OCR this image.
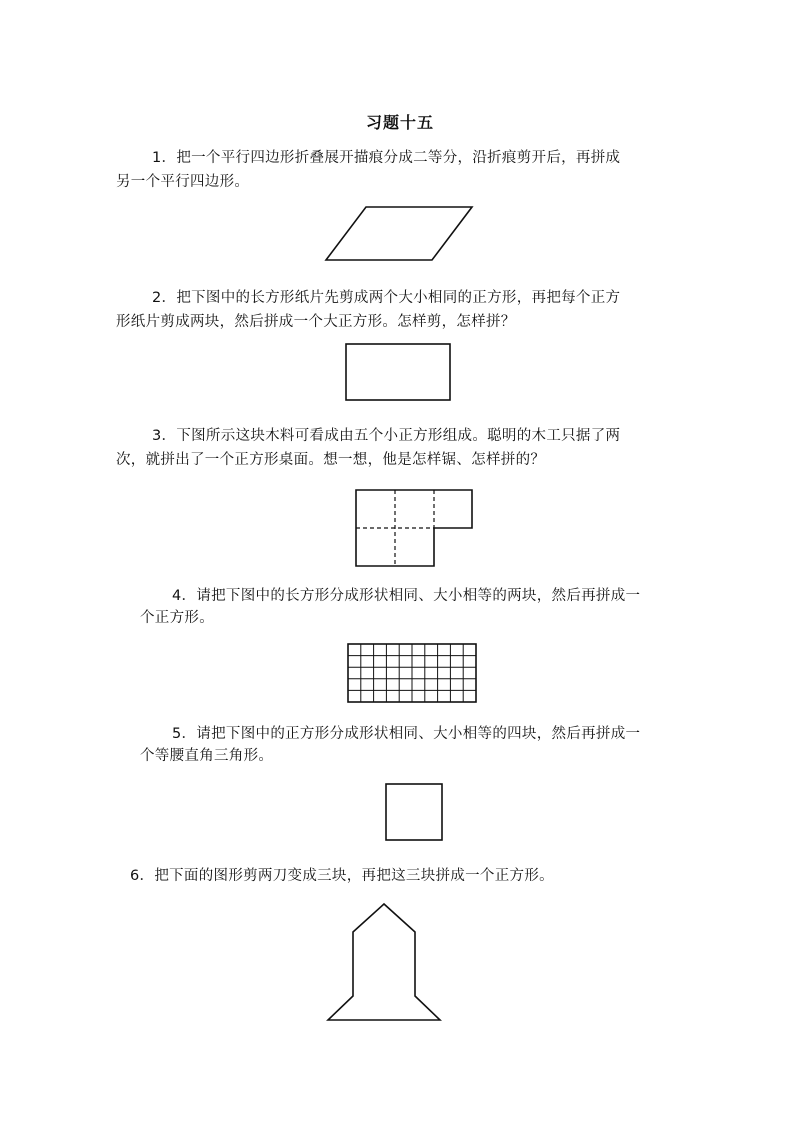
习题十五
1．把一个平行四边形折叠展开描痕分成二等分，沿折痕剪开后，再拼成
另一个平行四边形。
2．把下图中的长方形纸片先剪成两个大小相同的正方形，再把每个正方
形纸片剪成两块，然后拼成一个大正方形。怎样剪，怎样拼？
3．下图所示这块木料可看成由五个小正方形组成。聪明的木工只据了两
次，就拼出了一个正方形桌面。想一想，他是怎样锯、怎样拼的？
4．请把下图中的长方形分成形状相同、大小相等的两块，然后再拼成一
个正方形。
5．请把下图中的正方形分成形状相同、大小相等的四块，然后再拼成一
个等腰直角三角形。
6．把下面的图形剪两刀变成三块，再把这三块拼成一个正方形。
